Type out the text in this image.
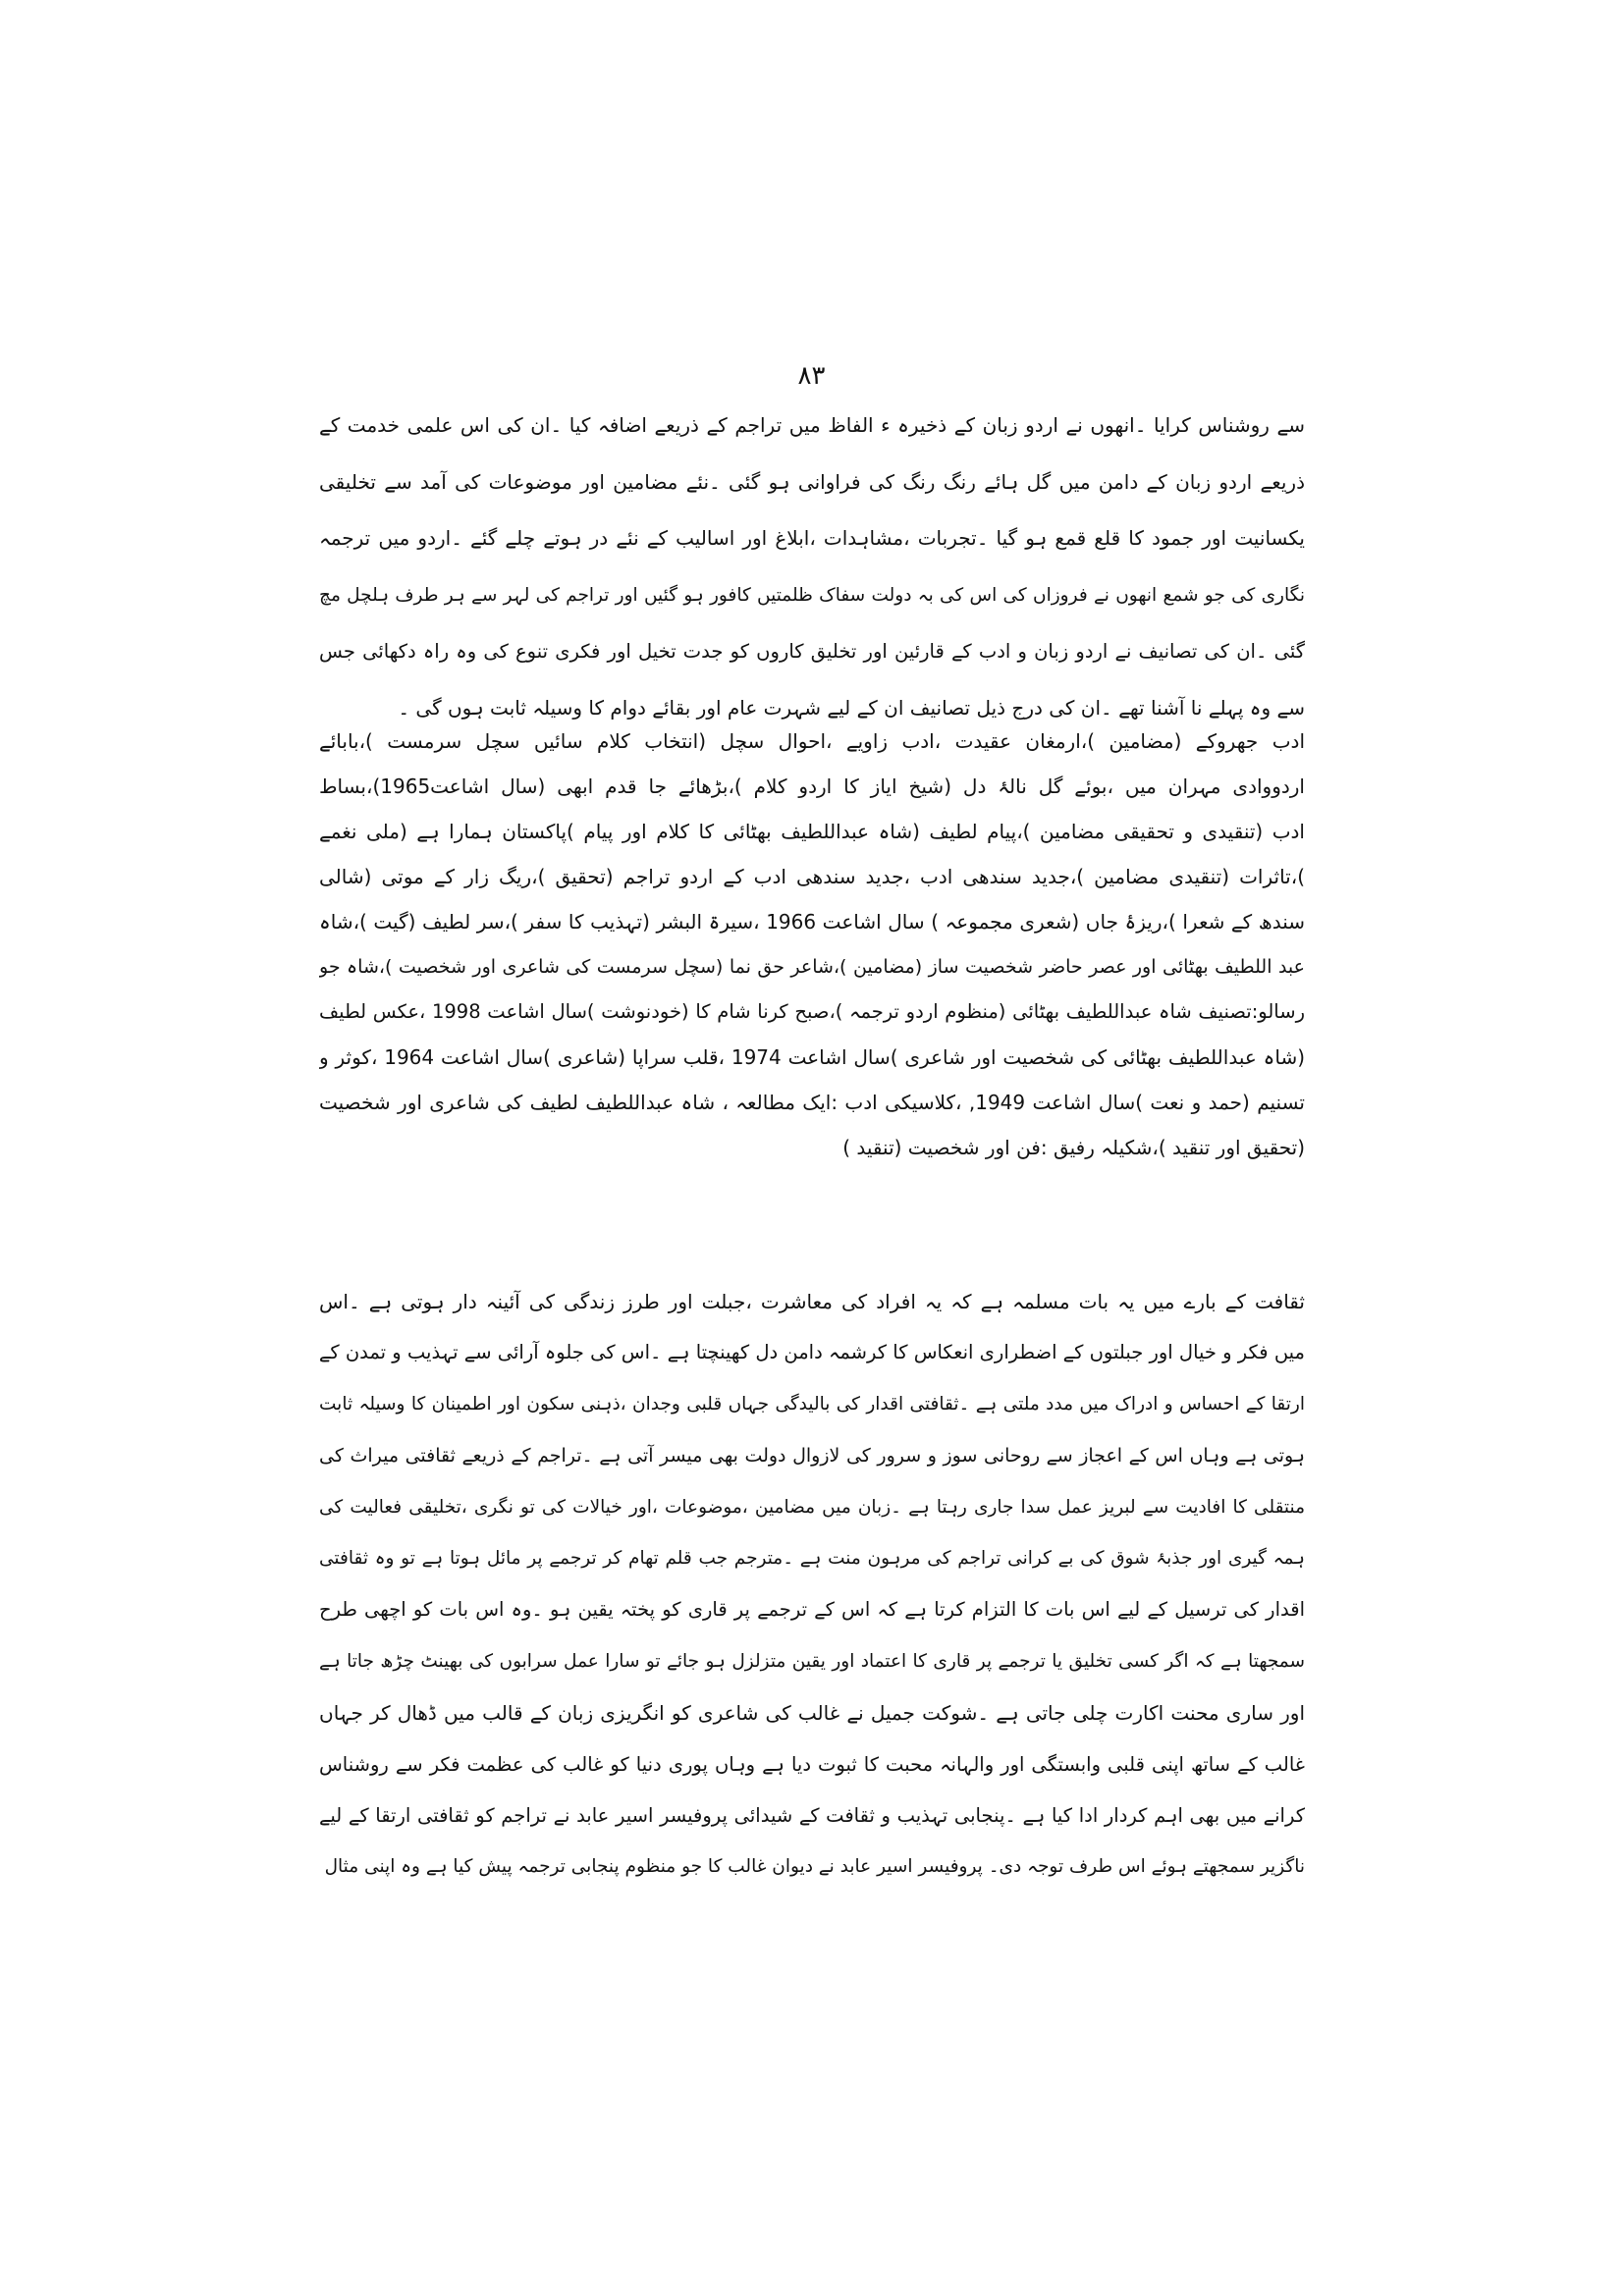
۸۳
سے روشناس کرایا ۔انھوں نے اردو زبان کے ذخیرہ ء الفاظ میں تراجم کے ذریعے اضافہ کیا ۔ان کی اس علمی خدمت کے
ذریعے اردو زبان کے دامن میں گل ہائے رنگ رنگ کی فراوانی ہو گئی ۔نئے مضامین اور موضوعات کی آمد سے تخلیقی
یکسانیت اور جمود کا قلع قمع ہو گیا ۔تجربات ،مشاہدات ،ابلاغ اور اسالیب کے نئے در ہوتے چلے گئے ۔اردو میں ترجمہ
نگاری کی جو شمع انھوں نے فروزاں کی اس کی بہ دولت سفاک ظلمتیں کافور ہو گئیں اور تراجم کی لہر سے ہر طرف ہلچل مچ
گئی ۔ان کی تصانیف نے اردو زبان و ادب کے قارئین اور تخلیق کاروں کو جدت تخیل اور فکری تنوع کی وہ راہ دکھائی جس
سے وہ پہلے نا آشنا تھے ۔ان کی درج ذیل تصانیف ان کے لیے شہرت عام اور بقائے دوام کا وسیلہ ثابت ہوں گی ۔
ادب جھروکے (مضامین )،ارمغان عقیدت ،ادب زاویے ،احوال سچل (انتخاب کلام سائیں سچل سرمست )،بابائے
اردووادی مہران میں ،بوئے گل نالۂ دل (شیخ ایاز کا اردو کلام )،بڑھائے جا قدم ابھی (سال اشاعت1965)،بساط
ادب (تنقیدی و تحقیقی مضامین )،پیام لطیف (شاہ عبداللطیف بھٹائی کا کلام اور پیام )پاکستان ہمارا ہے (ملی نغمے
)،تاثرات (تنقیدی مضامین )،جدید سندھی ادب ،جدید سندھی ادب کے اردو تراجم (تحقیق )،ریگ زار کے موتی (شالی
سندھ کے شعرا )،ریزۂ جاں (شعری مجموعہ ) سال اشاعت 1966 ،سیرۃ البشر (تہذیب کا سفر )،سر لطیف (گیت )،شاہ
عبد اللطیف بھٹائی اور عصر حاضر شخصیت ساز (مضامین )،شاعر حق نما (سچل سرمست کی شاعری اور شخصیت )،شاہ جو
رسالو:تصنیف شاہ عبداللطیف بھٹائی (منظوم اردو ترجمہ )،صبح کرنا شام کا (خودنوشت )سال اشاعت 1998 ،عکس لطیف
(شاہ عبداللطیف بھٹائی کی شخصیت اور شاعری )سال اشاعت 1974 ،قلب سراپا (شاعری )سال اشاعت 1964 ،کوثر و
تسنیم (حمد و نعت )سال اشاعت 1949, ،کلاسیکی ادب :ایک مطالعہ ، شاہ عبداللطیف لطیف کی شاعری اور شخصیت
(تحقیق اور تنقید )،شکیلہ رفیق :فن اور شخصیت (تنقید )
ثقافت کے بارے میں یہ بات مسلمہ ہے کہ یہ افراد کی معاشرت ،جبلت اور طرز زندگی کی آئینہ دار ہوتی ہے ۔اس
میں فکر و خیال اور جبلتوں کے اضطراری انعکاس کا کرشمہ دامن دل کھینچتا ہے ۔اس کی جلوہ آرائی سے تہذیب و تمدن کے
ارتقا کے احساس و ادراک میں مدد ملتی ہے ۔ثقافتی اقدار کی بالیدگی جہاں قلبی وجدان ،ذہنی سکون اور اطمینان کا وسیلہ ثابت
ہوتی ہے وہاں اس کے اعجاز سے روحانی سوز و سرور کی لازوال دولت بھی میسر آتی ہے ۔تراجم کے ذریعے ثقافتی میراث کی
منتقلی کا افادیت سے لبریز عمل سدا جاری رہتا ہے ۔زبان میں مضامین ،موضوعات ،اور خیالات کی تو نگری ،تخلیقی فعالیت کی
ہمہ گیری اور جذبۂ شوق کی بے کرانی تراجم کی مرہون منت ہے ۔مترجم جب قلم تھام کر ترجمے پر مائل ہوتا ہے تو وہ ثقافتی
اقدار کی ترسیل کے لیے اس بات کا التزام کرتا ہے کہ اس کے ترجمے پر قاری کو پختہ یقین ہو ۔وہ اس بات کو اچھی طرح
سمجھتا ہے کہ اگر کسی تخلیق یا ترجمے پر قاری کا اعتماد اور یقین متزلزل ہو جائے تو سارا عمل سرابوں کی بھینٹ چڑھ جاتا ہے
اور ساری محنت اکارت چلی جاتی ہے ۔شوکت جمیل نے غالب کی شاعری کو انگریزی زبان کے قالب میں ڈھال کر جہاں
غالب کے ساتھ اپنی قلبی وابستگی اور والہانہ محبت کا ثبوت دیا ہے وہاں پوری دنیا کو غالب کی عظمت فکر سے روشناس
کرانے میں بھی اہم کردار ادا کیا ہے ۔پنجابی تہذیب و ثقافت کے شیدائی پروفیسر اسیر عابد نے تراجم کو ثقافتی ارتقا کے لیے
ناگزیر سمجھتے ہوئے اس طرف توجہ دی۔ پروفیسر اسیر عابد نے دیوان غالب کا جو منظوم پنجابی ترجمہ پیش کیا ہے وہ اپنی مثال
